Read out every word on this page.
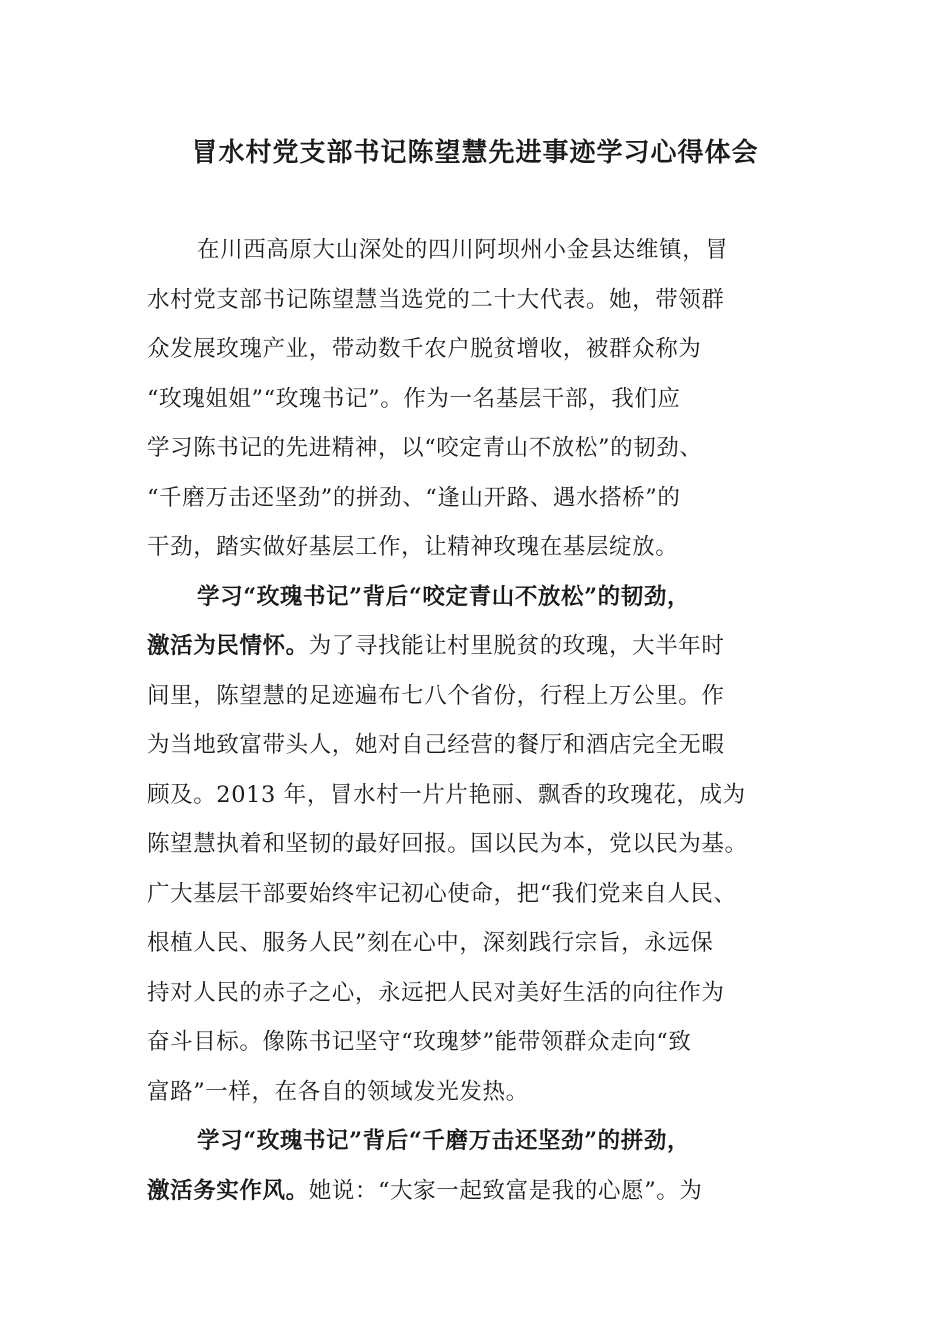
冒水村党支部书记陈望慧先进事迹学习心得体会
在川西高原大山深处的四川阿坝州小金县达维镇，冒
水村党支部书记陈望慧当选党的二十大代表。她，带领群
众发展玫瑰产业，带动数千农户脱贫增收，被群众称为
“玫瑰姐姐”“玫瑰书记”。作为一名基层干部，我们应
学习陈书记的先进精神，以“咬定青山不放松”的韧劲、
“千磨万击还坚劲”的拼劲、“逢山开路、遇水搭桥”的
干劲，踏实做好基层工作，让精神玫瑰在基层绽放。
学习“玫瑰书记”背后“咬定青山不放松”的韧劲，
激活为民情怀。为了寻找能让村里脱贫的玫瑰，大半年时
间里，陈望慧的足迹遍布七八个省份，行程上万公里。作
为当地致富带头人，她对自己经营的餐厅和酒店完全无暇
顾及。2013 年，冒水村一片片艳丽、飘香的玫瑰花，成为
陈望慧执着和坚韧的最好回报。国以民为本，党以民为基。
广大基层干部要始终牢记初心使命，把“我们党来自人民、
根植人民、服务人民”刻在心中，深刻践行宗旨，永远保
持对人民的赤子之心，永远把人民对美好生活的向往作为
奋斗目标。像陈书记坚守“玫瑰梦”能带领群众走向“致
富路”一样，在各自的领域发光发热。
学习“玫瑰书记”背后“千磨万击还坚劲”的拼劲，
激活务实作风。她说：“大家一起致富是我的心愿”。为
